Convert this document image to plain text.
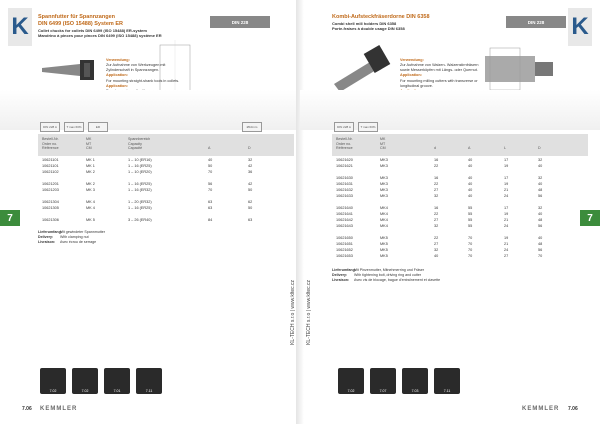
K Spannfutter für Spannzangen
DIN 6499 (ISO 15488) System ER
Collet chucks for collets DIN 6499 (ISO 15488) ER-system
Mandrino à pinces pour pinces DIN 6499 (ISO 15488) système ER
DIN 228
Verwendung:
Zur Aufnahme von Werkzeugen mit Zylinderschaft in Spannzangen.
Application:
For mounting straight-shank tools in collets.
Application:

DIN 228 A	T max 60%	ER	Ø10mm
Bestell-Nr.
Order no.
Référence
MK
MT
CM
Spannbereich
Capacity
Capacité	A	D
10621101	MK 1	1 – 10 (ER16)	40	32
10621101	MK 1	1 – 16 (ER25)	50	42
10621102	MK 2	1 – 10 (ER20)	70	36
10621201	MK 2	1 – 16 (ER25)	56	42
10621203	MK 3	1 – 16 (ER32)	70	50
10621304	MK 4	1 – 20 (ER32)	63	62
10621305	MK 4	1 – 16 (ER25)	63	50
10621306	MK 5	3 – 26 (ER40)	84	63
Lieferumfang:Mit gewindeter Spannmutter
Delivery: With clamping nut
Livraison: Avec écrou de serrage
7
KL-TECH s.r.o | www.kltec.cz
7.02	7.02	7.01	7.11
7.06 KEMMLER
Kombi-Aufsteckfräserdorne DIN 6358
Combi shell mill holders DIN 6358
Porte-fraises à double usage DIN 6358
DIN 228	K
Verwendung:
Zur Aufnahme von Walzen- Walzenstirnfräsern sowie Messerköpfen mit Längs- oder Quernut.
Application:
For mounting milling cutters with transverse or longitudinal groove.

DIN 228 A	T max 60%
Bestell-Nr.
Order no.
Référence
MK
MT
CM	d	A	L	D
10621620	MK3	16	40	17	32
10621621	MK3	22	40	19	40
10621630	MK3	16	40	17	32
10621631	MK3	22	40	19	40
10621632	MK3	27	40	21	48
10621633	MK3	32	40	24	56
10621640	MK4	16	55	17	32
10621641	MK4	22	55	19	40
10621642	MK4	27	55	21	48
10621643	MK4	32	55	24	56
10621650	MK5	22	70	19	40
10621651	MK5	27	70	21	48
10621652	MK5	32	70	24	56
10621653	MK5	40	70	27	70
Lieferumfang:Mit Pinzenmutter, Mitnehmerring und Fräser
Delivery: With tightening bolt, driving ring and cutter
Livraison: Avec vis de blocage, bague d'entraînement et clavette
7
KL-TECH s.r.o | www.kltec.cz
7.02	7.07	7.03	7.11
KEMMLER 7.06
